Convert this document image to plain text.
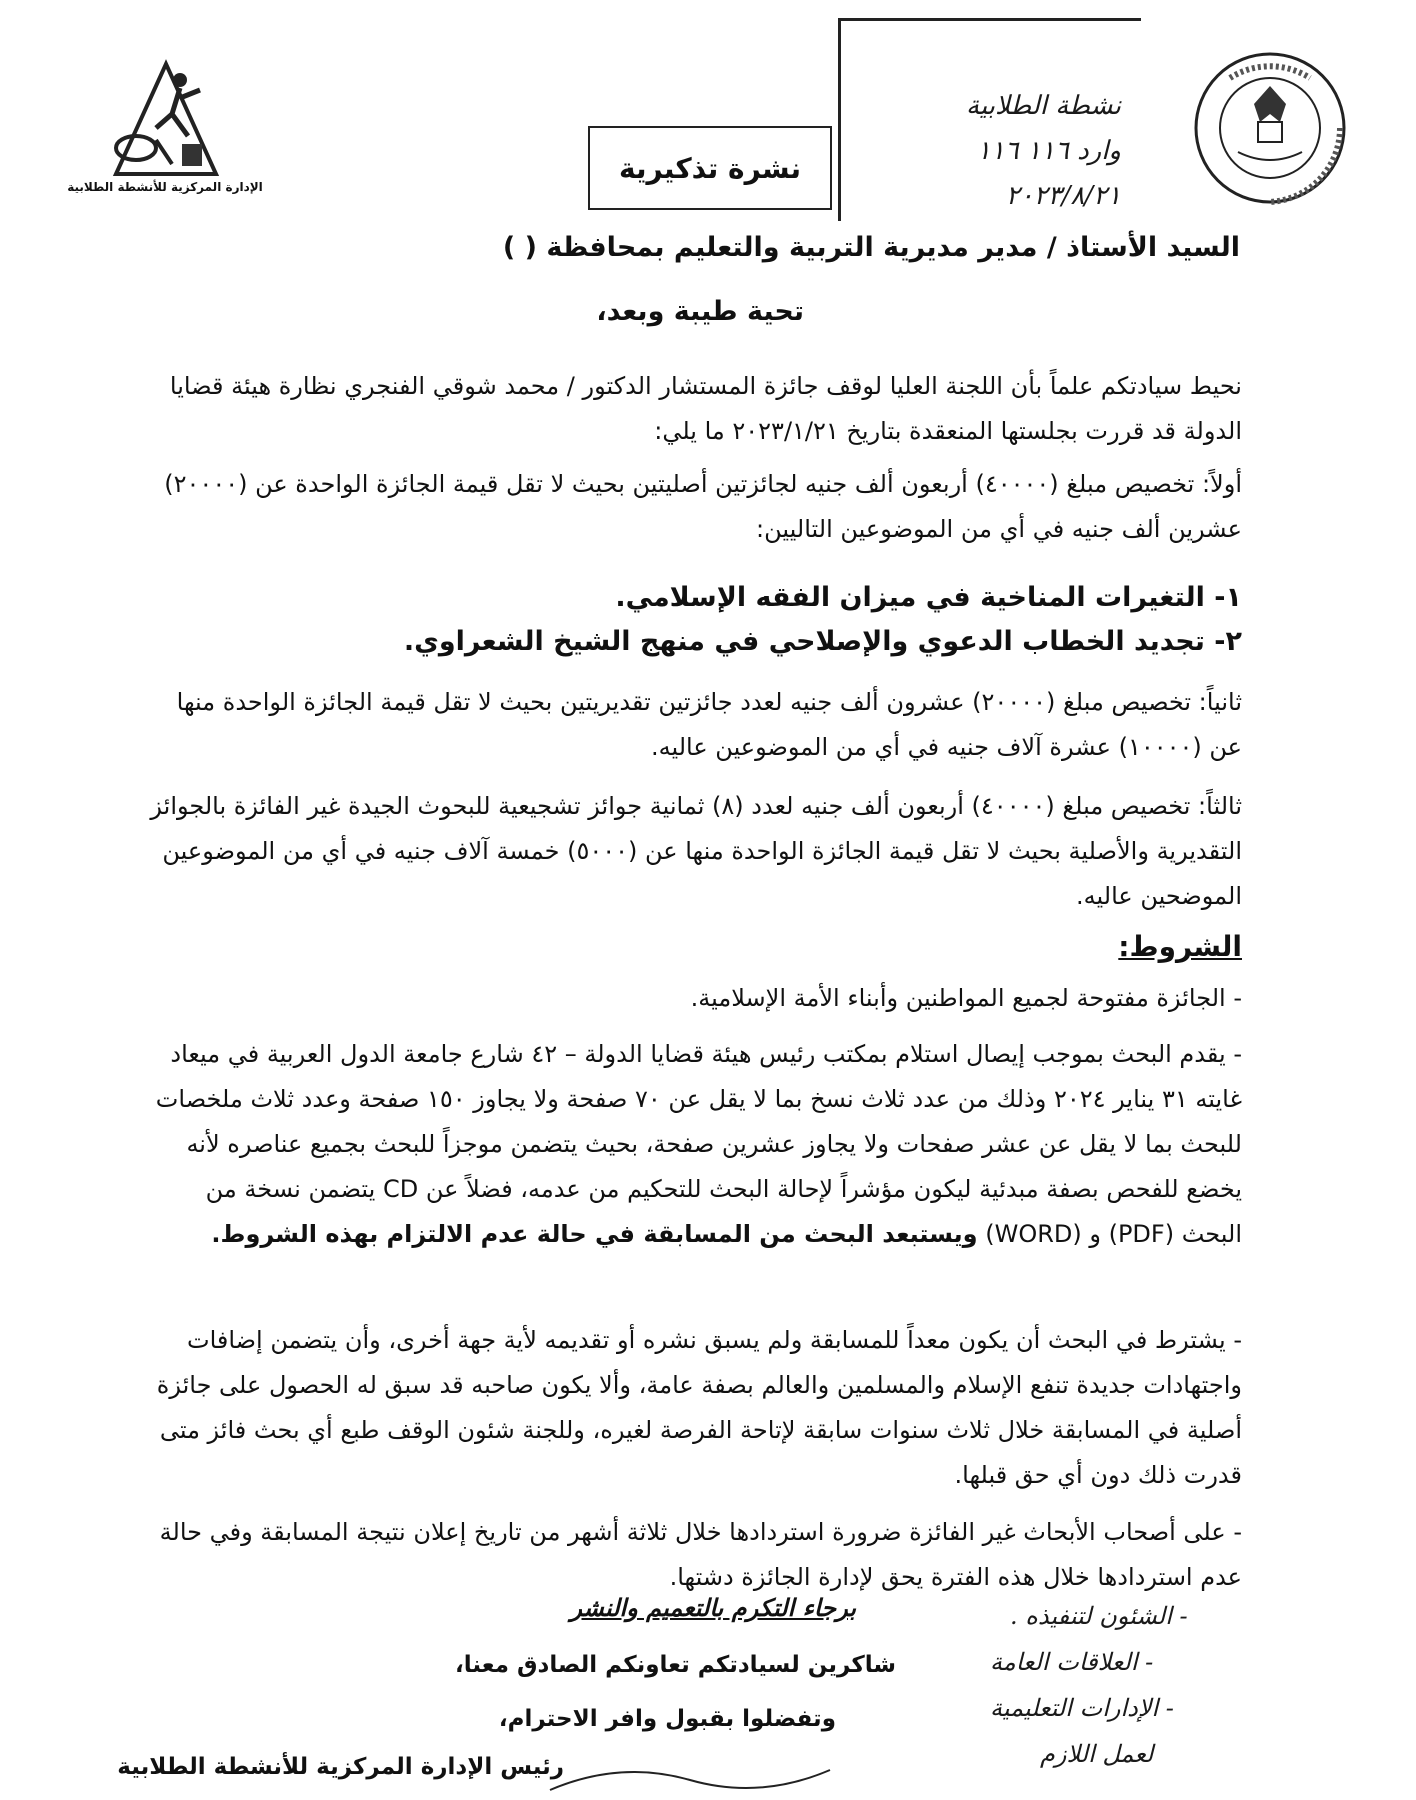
الإدارة المركزية للأنشطة الطلابية
نشطة الطلابية
وارد ١١٦ ١١٦
٢٠٢٣/٨/٢١
نشرة تذكيرية
السيد الأستاذ / مدير مديرية التربية والتعليم بمحافظة ( )
تحية طيبة وبعد،

نحيط سيادتكم علماً بأن اللجنة العليا لوقف جائزة المستشار الدكتور / محمد شوقي الفنجري نظارة هيئة قضايا الدولة قد قررت بجلستها المنعقدة بتاريخ ٢٠٢٣/١/٢١ ما يلي:

أولاً: تخصيص مبلغ (٤٠٠٠٠) أربعون ألف جنيه لجائزتين أصليتين بحيث لا تقل قيمة الجائزة الواحدة عن (٢٠٠٠٠) عشرين ألف جنيه في أي من الموضوعين التاليين:

١- التغيرات المناخية في ميزان الفقه الإسلامي.

٢- تجديد الخطاب الدعوي والإصلاحي في منهج الشيخ الشعراوي.

ثانياً: تخصيص مبلغ (٢٠٠٠٠) عشرون ألف جنيه لعدد جائزتين تقديريتين بحيث لا تقل قيمة الجائزة الواحدة منها عن (١٠٠٠٠) عشرة آلاف جنيه في أي من الموضوعين عاليه.

ثالثاً: تخصيص مبلغ (٤٠٠٠٠) أربعون ألف جنيه لعدد (٨) ثمانية جوائز تشجيعية للبحوث الجيدة غير الفائزة بالجوائز التقديرية والأصلية بحيث لا تقل قيمة الجائزة الواحدة منها عن (٥٠٠٠) خمسة آلاف جنيه في أي من الموضوعين الموضحين عاليه.

الشروط:

- الجائزة مفتوحة لجميع المواطنين وأبناء الأمة الإسلامية.

- يقدم البحث بموجب إيصال استلام بمكتب رئيس هيئة قضايا الدولة – ٤٢ شارع جامعة الدول العربية في ميعاد غايته ٣١ يناير ٢٠٢٤ وذلك من عدد ثلاث نسخ بما لا يقل عن ٧٠ صفحة ولا يجاوز ١٥٠ صفحة وعدد ثلاث ملخصات للبحث بما لا يقل عن عشر صفحات ولا يجاوز عشرين صفحة، بحيث يتضمن موجزاً للبحث بجميع عناصره لأنه يخضع للفحص بصفة مبدئية ليكون مؤشراً لإحالة البحث للتحكيم من عدمه، فضلاً عن CD يتضمن نسخة من البحث (PDF) و (WORD) ويستبعد البحث من المسابقة في حالة عدم الالتزام بهذه الشروط.

- يشترط في البحث أن يكون معداً للمسابقة ولم يسبق نشره أو تقديمه لأية جهة أخرى، وأن يتضمن إضافات واجتهادات جديدة تنفع الإسلام والمسلمين والعالم بصفة عامة، وألا يكون صاحبه قد سبق له الحصول على جائزة أصلية في المسابقة خلال ثلاث سنوات سابقة لإتاحة الفرصة لغيره، وللجنة شئون الوقف طبع أي بحث فائز متى قدرت ذلك دون أي حق قبلها.

- على أصحاب الأبحاث غير الفائزة ضرورة استردادها خلال ثلاثة أشهر من تاريخ إعلان نتيجة المسابقة وفي حالة عدم استردادها خلال هذه الفترة يحق لإدارة الجائزة دشتها.

برجاء التكرم بالتعميم والنشر
شاكرين لسيادتكم تعاونكم الصادق معنا،
وتفضلوا بقبول وافر الاحترام،
رئيس الإدارة المركزية للأنشطة الطلابية
- الشئون لتنفيذه .
- العلاقات العامة
- الإدارات التعليمية
لعمل اللازم
